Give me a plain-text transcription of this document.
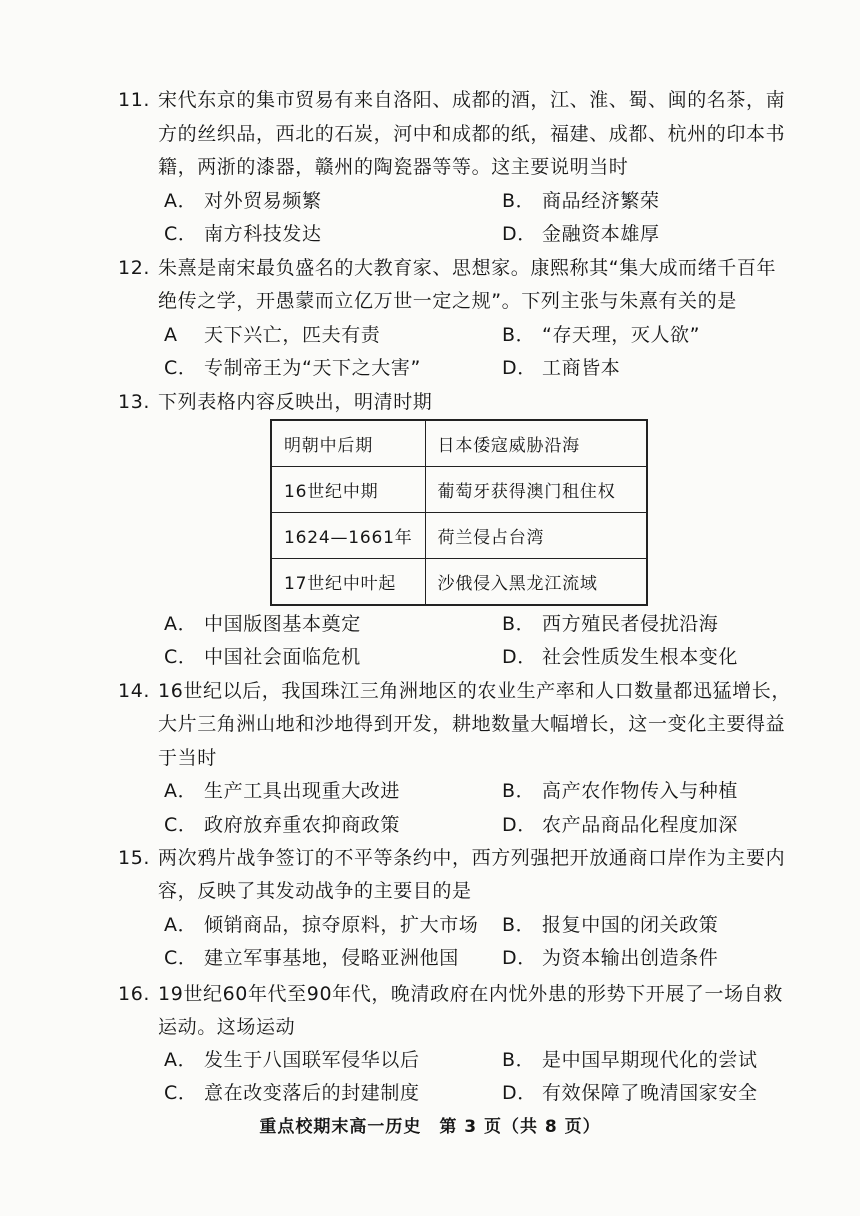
11. 宋代东京的集市贸易有来自洛阳、成都的酒，江、淮、蜀、闽的名茶，南
方的丝织品，西北的石炭，河中和成都的纸，福建、成都、杭州的印本书
籍，两浙的漆器，赣州的陶瓷器等等。这主要说明当时
A． 对外贸易频繁	B． 商品经济繁荣
C． 南方科技发达	D． 金融资本雄厚
12. 朱熹是南宋最负盛名的大教育家、思想家。康熙称其“集大成而绪千百年
绝传之学，开愚蒙而立亿万世一定之规”。下列主张与朱熹有关的是
A 天下兴亡，匹夫有责	B． “存天理，灭人欲”
C． 专制帝王为“天下之大害”	D． 工商皆本
13. 下列表格内容反映出，明清时期
明朝中后期	日本倭寇威胁沿海
16世纪中期	葡萄牙获得澳门租住权
1624—1661年	荷兰侵占台湾
17世纪中叶起	沙俄侵入黑龙江流域
A． 中国版图基本奠定	B． 西方殖民者侵扰沿海
C． 中国社会面临危机	D． 社会性质发生根本变化
14. 16世纪以后，我国珠江三角洲地区的农业生产率和人口数量都迅猛增长，
大片三角洲山地和沙地得到开发，耕地数量大幅增长，这一变化主要得益
于当时
A． 生产工具出现重大改进	B． 高产农作物传入与种植
C． 政府放弃重农抑商政策	D． 农产品商品化程度加深
15. 两次鸦片战争签订的不平等条约中，西方列强把开放通商口岸作为主要内
容，反映了其发动战争的主要目的是
A． 倾销商品，掠夺原料，扩大市场 B． 报复中国的闭关政策
C． 建立军事基地，侵略亚洲他国 D． 为资本输出创造条件
16. 19世纪60年代至90年代，晚清政府在内忧外患的形势下开展了一场自救
运动。这场运动
A． 发生于八国联军侵华以后	B． 是中国早期现代化的尝试
C． 意在改变落后的封建制度	D． 有效保障了晚清国家安全
重点校期末高一历史　第 3 页（共 8 页）
